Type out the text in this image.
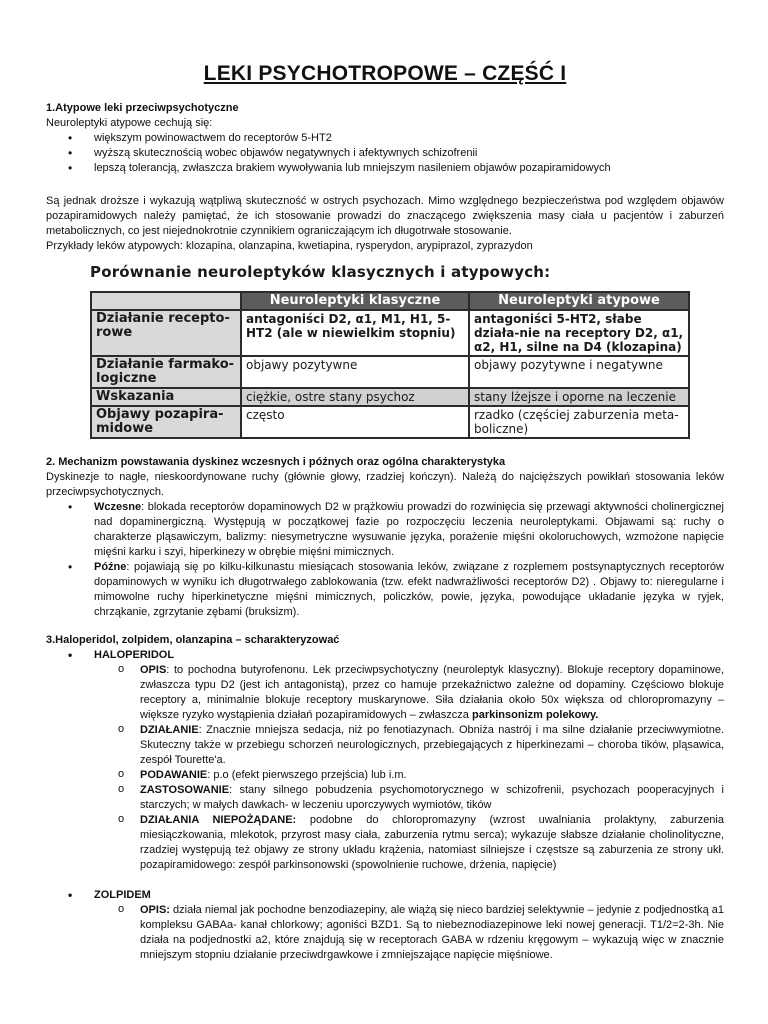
LEKI PSYCHOTROPOWE – CZĘŚĆ I
1.Atypowe leki przeciwpsychotyczne
Neuroleptyki atypowe cechują się:
• większym powinowactwem do receptorów 5-HT2
• wyższą skutecznością wobec objawów negatywnych i afektywnych schizofrenii
• lepszą tolerancją, zwłaszcza brakiem wywoływania lub mniejszym nasileniem objawów pozapiramidowych
Są jednak droższe i wykazują wątpliwą skuteczność w ostrych psychozach. Mimo względnego bezpieczeństwa pod względem objawów pozapiramidowych należy pamiętać, że ich stosowanie prowadzi do znaczącego zwiększenia masy ciała u pacjentów i zaburzeń metabolicznych, co jest niejednokrotnie czynnikiem ograniczającym ich długotrwałe stosowanie.
Przykłady leków atypowych: klozapina, olanzapina, kwetiapina, rysperydon, arypiprazol, zyprazydon
Porównanie neuroleptyków klasycznych i atypowych:
	Neuroleptyki klasyczne	Neuroleptyki atypowe
Działanie recepto-rowe	antagoniści D2, α1, M1, H1, 5-HT2 (ale w niewielkim stopniu)	antagoniści 5-HT2, słabe działa-nie na receptory D2, α1, α2, H1, silne na D4 (klozapina)
Działanie farmako-logiczne	objawy pozytywne	objawy pozytywne i negatywne
Wskazania	ciężkie, ostre stany psychoz	stany lżejsze i oporne na leczenie
Objawy pozapira-midowe	często	rzadko (częściej zaburzenia meta-boliczne)
2. Mechanizm powstawania dyskinez wczesnych i późnych oraz ogólna charakterystyka
Dyskinezje to nagłe, nieskoordynowane ruchy (głównie głowy, rzadziej kończyn). Należą do najcięższych powikłań stosowania leków przeciwpsychotycznych.
• Wczesne: blokada receptorów dopaminowych D2 w prążkowiu prowadzi do rozwinięcia się przewagi aktywności cholinergicznej nad dopaminergiczną. Występują w początkowej fazie po rozpoczęciu leczenia neuroleptykami. Objawami są: ruchy o charakterze pląsawiczym, balizmy: niesymetryczne wysuwanie języka, porażenie mięśni okoloruchowych, wzmożone napięcie mięśni karku i szyi, hiperkinezy w obrębie mięśni mimicznych.
• Późne: pojawiają się po kilku-kilkunastu miesiącach stosowania leków, związane z rozplemem postsynaptycznych receptorów dopaminowych w wyniku ich długotrwałego zablokowania (tzw. efekt nadwrażliwości receptorów D2) . Objawy to: nieregularne i mimowolne ruchy hiperkinetyczne mięśni mimicznych, policzków, powie, języka, powodujące układanie języka w ryjek, chrząkanie, zgrzytanie zębami (bruksizm).
3.Haloperidol, zolpidem, olanzapina – scharakteryzować
• HALOPERIDOL
o OPIS: to pochodna butyrofenonu. Lek przeciwpsychotyczny (neuroleptyk klasyczny). Blokuje receptory dopaminowe, zwłaszcza typu D2 (jest ich antagonistą), przez co hamuje przekaźnictwo zależne od dopaminy. Częściowo blokuje receptory a, minimalnie blokuje receptory muskarynowe. Siła działania około 50x większa od chloropromazyny – większe ryzyko wystąpienia działań pozapiramidowych – zwłaszcza parkinsonizm polekowy.
o DZIAŁANIE: Znacznie mniejsza sedacja, niż po fenotiazynach. Obniża nastrój i ma silne działanie przeciwwymiotne. Skuteczny także w przebiegu schorzeń neurologicznych, przebiegających z hiperkinezami – choroba tików, pląsawica, zespół Tourette'a.
o PODAWANIE: p.o (efekt pierwszego przejścia) lub i.m.
o ZASTOSOWANIE: stany silnego pobudzenia psychomotorycznego w schizofrenii, psychozach pooperacyjnych i starczych; w małych dawkach- w leczeniu uporczywych wymiotów, tików
o DZIAŁANIA NIEPOŻĄDANE: podobne do chloropromazyny (wzrost uwalniania prolaktyny, zaburzenia miesiączkowania, mlekotok, przyrost masy ciała, zaburzenia rytmu serca); wykazuje słabsze działanie cholinolityczne, rzadziej występują też objawy ze strony układu krążenia, natomiast silniejsze i częstsze są zaburzenia ze strony ukł. pozapiramidowego: zespół parkinsonowski (spowolnienie ruchowe, drżenia, napięcie)
• ZOLPIDEM
o OPIS: działa niemal jak pochodne benzodiazepiny, ale wiążą się nieco bardziej selektywnie – jedynie z podjednostką a1 kompleksu GABAa- kanał chlorkowy; agoniści BZD1. Są to niebeznodiazepinowe leki nowej generacji. T1/2=2-3h. Nie działa na podjednostki a2, które znajdują się w receptorach GABA w rdzeniu kręgowym – wykazują więc w znacznie mniejszym stopniu działanie przeciwdrgawkowe i zmniejszające napięcie mięśniowe.
